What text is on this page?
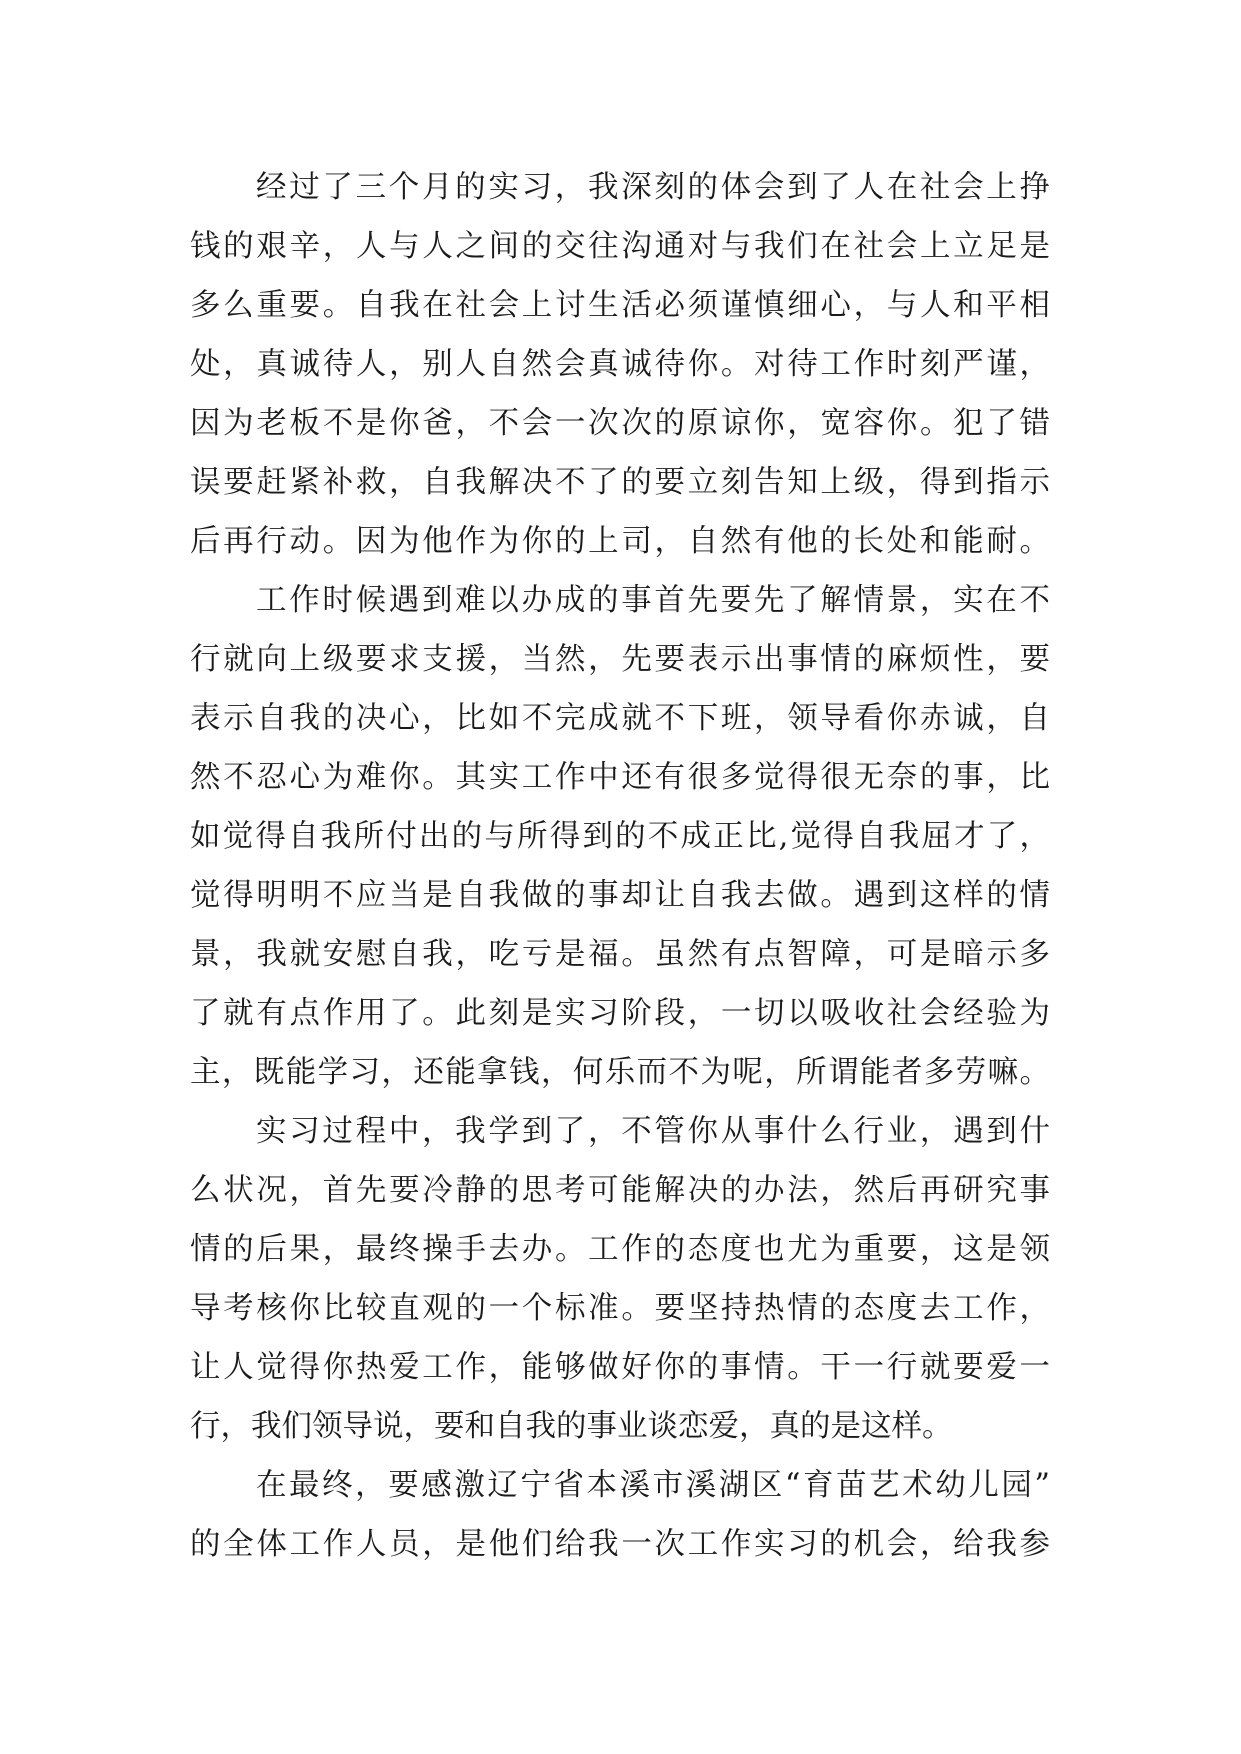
经过了三个月的实习，我深刻的体会到了人在社会上挣
钱的艰辛，人与人之间的交往沟通对与我们在社会上立足是
多么重要。自我在社会上讨生活必须谨慎细心，与人和平相
处，真诚待人，别人自然会真诚待你。对待工作时刻严谨，
因为老板不是你爸，不会一次次的原谅你，宽容你。犯了错
误要赶紧补救，自我解决不了的要立刻告知上级，得到指示
后再行动。因为他作为你的上司，自然有他的长处和能耐。
工作时候遇到难以办成的事首先要先了解情景，实在不
行就向上级要求支援，当然，先要表示出事情的麻烦性，要
表示自我的决心，比如不完成就不下班，领导看你赤诚，自
然不忍心为难你。其实工作中还有很多觉得很无奈的事，比
如觉得自我所付出的与所得到的不成正比,觉得自我屈才了，
觉得明明不应当是自我做的事却让自我去做。遇到这样的情
景，我就安慰自我，吃亏是福。虽然有点智障，可是暗示多
了就有点作用了。此刻是实习阶段，一切以吸收社会经验为
主，既能学习，还能拿钱，何乐而不为呢，所谓能者多劳嘛。
实习过程中，我学到了，不管你从事什么行业，遇到什
么状况，首先要冷静的思考可能解决的办法，然后再研究事
情的后果，最终操手去办。工作的态度也尤为重要，这是领
导考核你比较直观的一个标准。要坚持热情的态度去工作，
让人觉得你热爱工作，能够做好你的事情。干一行就要爱一
行，我们领导说，要和自我的事业谈恋爱，真的是这样。
在最终，要感激辽宁省本溪市溪湖区“育苗艺术幼儿园”
的全体工作人员，是他们给我一次工作实习的机会，给我参
